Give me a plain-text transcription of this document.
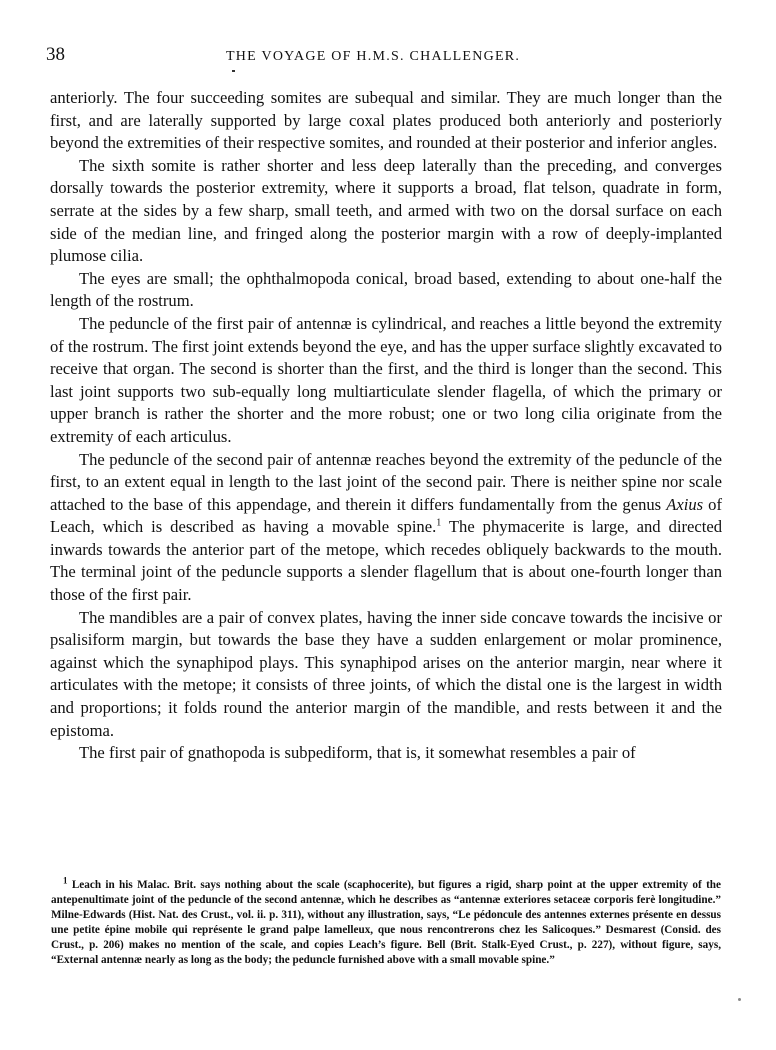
38	THE VOYAGE OF H.M.S. CHALLENGER.

anteriorly. The four succeeding somites are subequal and similar. They are much longer than the first, and are laterally supported by large coxal plates produced both anteriorly and posteriorly beyond the extremities of their respective somites, and rounded at their posterior and inferior angles.

The sixth somite is rather shorter and less deep laterally than the preceding, and converges dorsally towards the posterior extremity, where it supports a broad, flat telson, quadrate in form, serrate at the sides by a few sharp, small teeth, and armed with two on the dorsal surface on each side of the median line, and fringed along the posterior margin with a row of deeply-implanted plumose cilia.

The eyes are small; the ophthalmopoda conical, broad based, extending to about one-half the length of the rostrum.

The peduncle of the first pair of antennæ is cylindrical, and reaches a little beyond the extremity of the rostrum. The first joint extends beyond the eye, and has the upper surface slightly excavated to receive that organ. The second is shorter than the first, and the third is longer than the second. This last joint supports two sub-equally long multiarticulate slender flagella, of which the primary or upper branch is rather the shorter and the more robust; one or two long cilia originate from the extremity of each articulus.

The peduncle of the second pair of antennæ reaches beyond the extremity of the peduncle of the first, to an extent equal in length to the last joint of the second pair. There is neither spine nor scale attached to the base of this appendage, and therein it differs fundamentally from the genus Axius of Leach, which is described as having a movable spine.$^1$ The phymacerite is large, and directed inwards towards the anterior part of the metope, which recedes obliquely backwards to the mouth. The terminal joint of the peduncle supports a slender flagellum that is about one-fourth longer than those of the first pair.

The mandibles are a pair of convex plates, having the inner side concave towards the incisive or psalisiform margin, but towards the base they have a sudden enlargement or molar prominence, against which the synaphipod plays. This synaphipod arises on the anterior margin, near where it articulates with the metope; it consists of three joints, of which the distal one is the largest in width and proportions; it folds round the anterior margin of the mandible, and rests between it and the epistoma.

The first pair of gnathopoda is subpediform, that is, it somewhat resembles a pair of

$^1$ Leach in his Malac. Brit. says nothing about the scale (scaphocerite), but figures a rigid, sharp point at the upper extremity of the antepenultimate joint of the peduncle of the second antennæ, which he describes as “antennæ exteriores setaceæ corporis ferè longitudine.” Milne-Edwards (Hist. Nat. des Crust., vol. ii. p. 311), without any illustration, says, “Le pédoncule des antennes externes présente en dessus une petite épine mobile qui représente le grand palpe lamelleux, que nous rencontrerons chez les Salicoques.” Desmarest (Consid. des Crust., p. 206) makes no mention of the scale, and copies Leach’s figure. Bell (Brit. Stalk-Eyed Crust., p. 227), without figure, says, “External antennæ nearly as long as the body; the peduncle furnished above with a small movable spine.”
